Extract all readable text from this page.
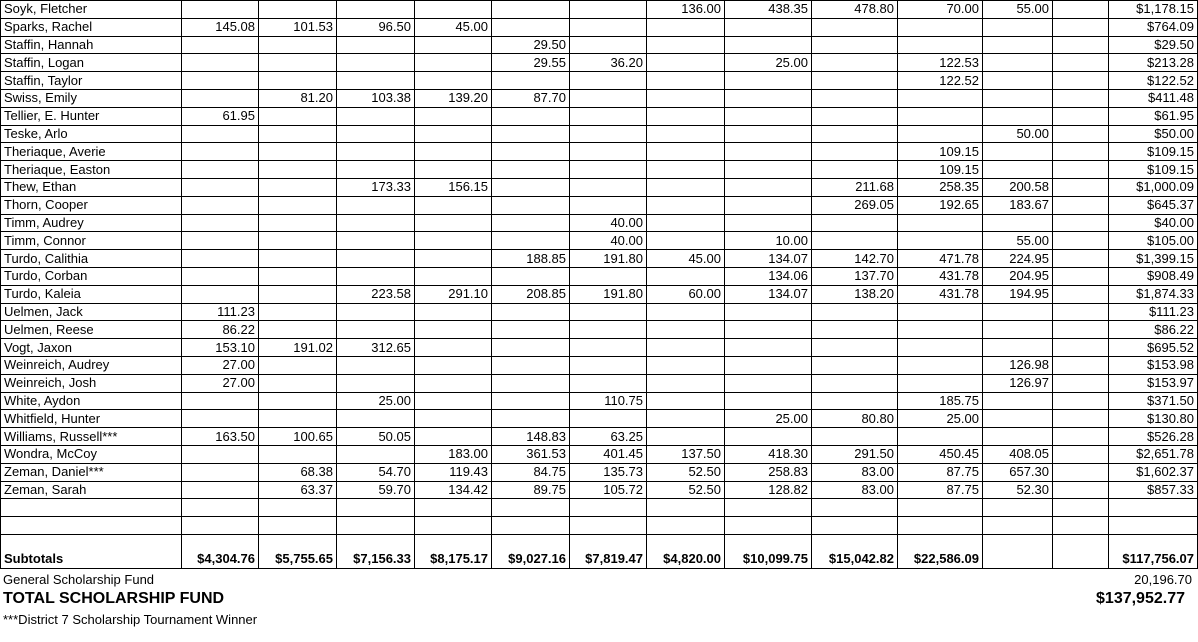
Soyk, Fletcher							136.00	438.35	478.80	70.00	55.00		$1,178.15
Sparks, Rachel	145.08	101.53	96.50	45.00									$764.09
Staffin, Hannah					29.50								$29.50
Staffin, Logan					29.55	36.20		25.00		122.53			$213.28
Staffin, Taylor										122.52			$122.52
Swiss, Emily		81.20	103.38	139.20	87.70								$411.48
Tellier, E. Hunter	61.95												$61.95
Teske, Arlo											50.00		$50.00
Theriaque, Averie										109.15			$109.15
Theriaque, Easton										109.15			$109.15
Thew, Ethan			173.33	156.15					211.68	258.35	200.58		$1,000.09
Thorn, Cooper									269.05	192.65	183.67		$645.37
Timm, Audrey						40.00							$40.00
Timm, Connor						40.00		10.00			55.00		$105.00
Turdo, Calithia					188.85	191.80	45.00	134.07	142.70	471.78	224.95		$1,399.15
Turdo, Corban								134.06	137.70	431.78	204.95		$908.49
Turdo, Kaleia			223.58	291.10	208.85	191.80	60.00	134.07	138.20	431.78	194.95		$1,874.33
Uelmen, Jack	111.23												$111.23
Uelmen, Reese	86.22												$86.22
Vogt, Jaxon	153.10	191.02	312.65										$695.52
Weinreich, Audrey	27.00										126.98		$153.98
Weinreich, Josh	27.00										126.97		$153.97
White, Aydon			25.00			110.75				185.75			$371.50
Whitfield, Hunter								25.00	80.80	25.00			$130.80
Williams, Russell***	163.50	100.65	50.05		148.83	63.25							$526.28
Wondra, McCoy				183.00	361.53	401.45	137.50	418.30	291.50	450.45	408.05		$2,651.78
Zeman, Daniel***		68.38	54.70	119.43	84.75	135.73	52.50	258.83	83.00	87.75	657.30		$1,602.37
Zeman, Sarah		63.37	59.70	134.42	89.75	105.72	52.50	128.82	83.00	87.75	52.30		$857.33

Subtotals	$4,304.76	$5,755.65	$7,156.33	$8,175.17	$9,027.16	$7,819.47	$4,820.00	$10,099.75	$15,042.82	$22,586.09			$117,756.07
General Scholarship Fund	20,196.70
TOTAL SCHOLARSHIP FUND	$137,952.77
***District 7 Scholarship Tournament Winner
